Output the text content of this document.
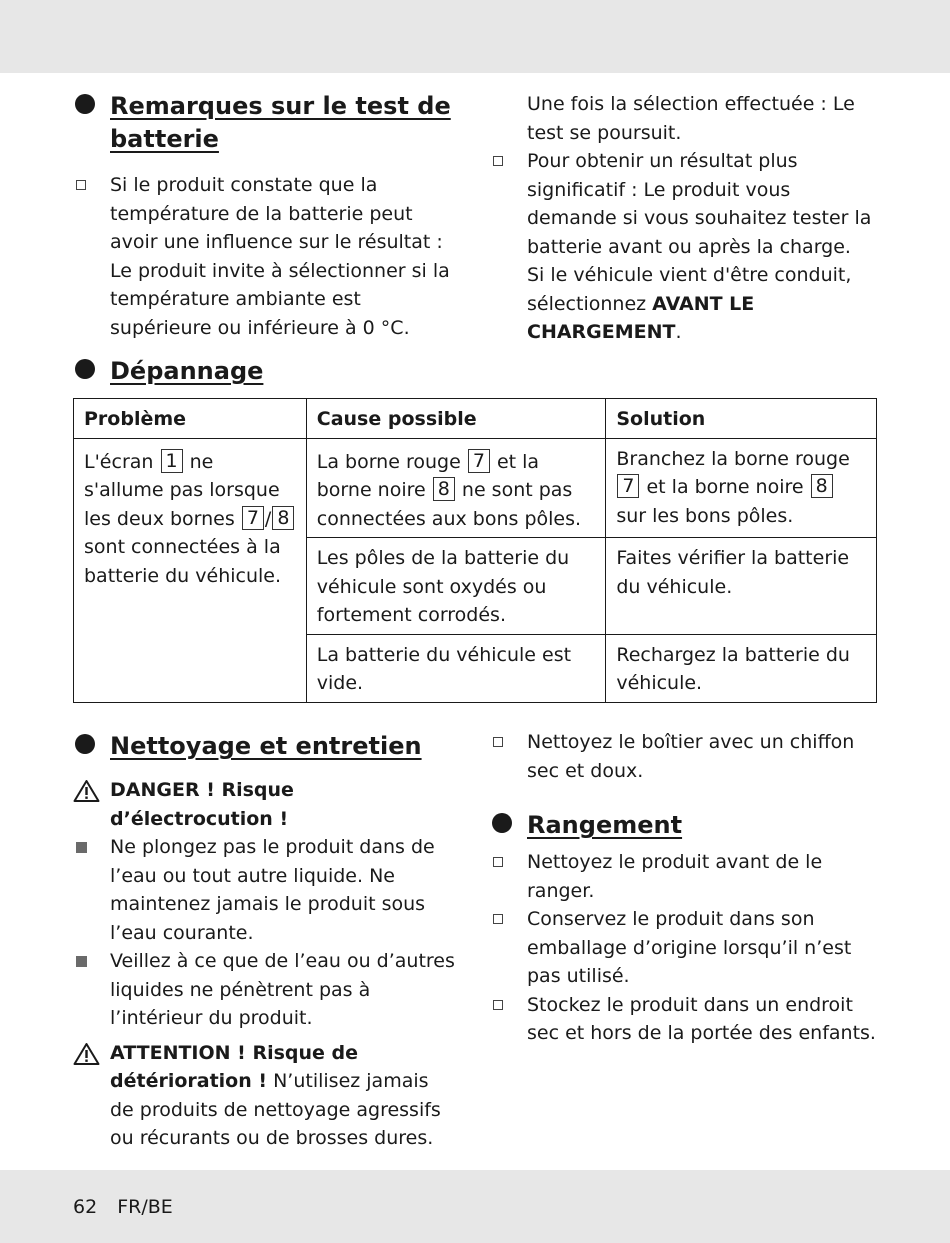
Remarques sur le test de batterie
Si le produit constate que la température de la batterie peut avoir une influence sur le résultat : Le produit invite à sélectionner si la température ambiante est supérieure ou inférieure à 0 °C.
Une fois la sélection effectuée : Le test se poursuit.
Pour obtenir un résultat plus significatif : Le produit vous demande si vous souhaitez tester la batterie avant ou après la charge.
Si le véhicule vient d'être conduit, sélectionnez AVANT LE CHARGEMENT.
Dépannage
Problème	Cause possible	Solution
L'écran 1 ne s'allume pas lorsque les deux bornes 7 / 8 sont connectées à la batterie du véhicule.	La borne rouge 7 et la borne noire 8 ne sont pas connectées aux bons pôles.	Branchez la borne rouge 7 et la borne noire 8 sur les bons pôles.
	Les pôles de la batterie du véhicule sont oxydés ou fortement corrodés.	Faites vérifier la batterie du véhicule.
	La batterie du véhicule est vide.	Rechargez la batterie du véhicule.
Nettoyage et entretien
DANGER ! Risque d’électrocution !
Ne plongez pas le produit dans de l’eau ou tout autre liquide. Ne maintenez jamais le produit sous l’eau courante.
Veillez à ce que de l’eau ou d’autres liquides ne pénètrent pas à l’intérieur du produit.
ATTENTION ! Risque de détérioration ! N’utilisez jamais de produits de nettoyage agressifs ou récurants ou de brosses dures.
Nettoyez le boîtier avec un chiffon sec et doux.
Rangement
Nettoyez le produit avant de le ranger.
Conservez le produit dans son emballage d’origine lorsqu’il n’est pas utilisé.
Stockez le produit dans un endroit sec et hors de la portée des enfants.
62 FR/BE
